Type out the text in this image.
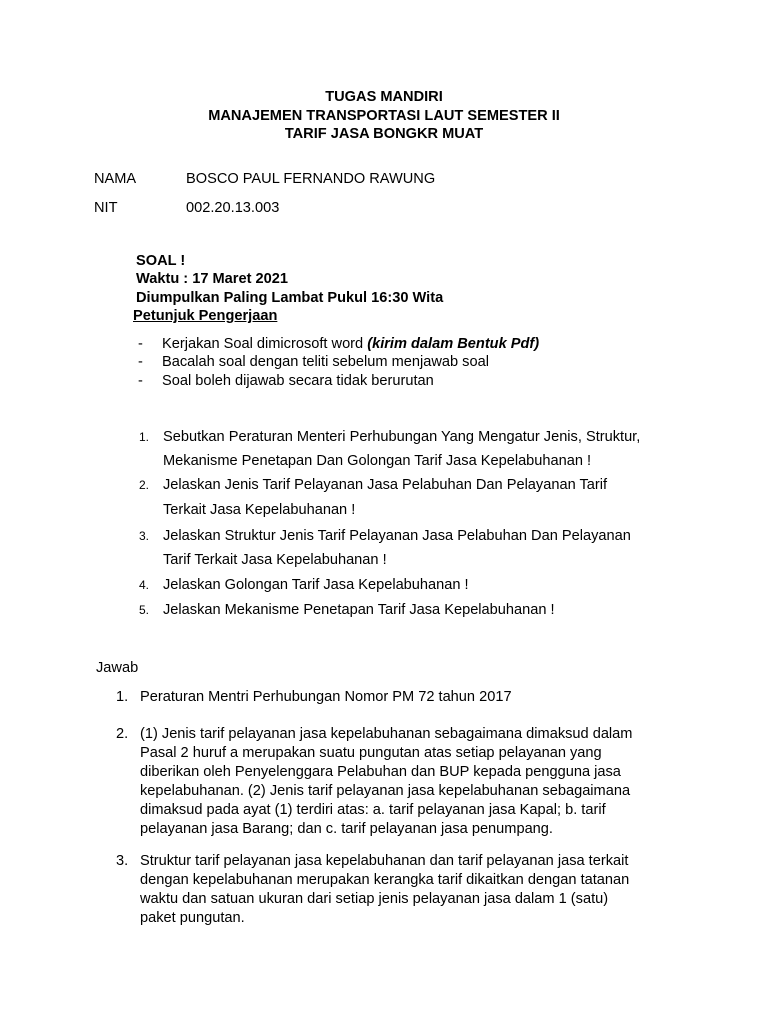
TUGAS MANDIRI
MANAJEMEN TRANSPORTASI LAUT SEMESTER II
TARIF JASA BONGKR MUAT
NAMA	BOSCO PAUL FERNANDO RAWUNG
NIT	002.20.13.003
SOAL !
Waktu : 17 Maret 2021
Diumpulkan Paling Lambat Pukul 16:30 Wita
Petunjuk Pengerjaan
- Kerjakan Soal dimicrosoft word (kirim dalam Bentuk Pdf)
- Bacalah soal dengan teliti sebelum menjawab soal
- Soal boleh dijawab secara tidak berurutan
1. Sebutkan Peraturan Menteri Perhubungan Yang Mengatur Jenis, Struktur,
Mekanisme Penetapan Dan Golongan Tarif Jasa Kepelabuhanan !
2. Jelaskan Jenis Tarif Pelayanan Jasa Pelabuhan Dan Pelayanan Tarif
Terkait Jasa Kepelabuhanan !
3. Jelaskan Struktur Jenis Tarif Pelayanan Jasa Pelabuhan Dan Pelayanan
Tarif Terkait Jasa Kepelabuhanan !
4. Jelaskan Golongan Tarif Jasa Kepelabuhanan !
5. Jelaskan Mekanisme Penetapan Tarif Jasa Kepelabuhanan !
Jawab
1. Peraturan Mentri Perhubungan Nomor PM 72 tahun 2017
2. (1) Jenis tarif pelayanan jasa kepelabuhanan sebagaimana dimaksud dalam
Pasal 2 huruf a merupakan suatu pungutan atas setiap pelayanan yang
diberikan oleh Penyelenggara Pelabuhan dan BUP kepada pengguna jasa
kepelabuhanan. (2) Jenis tarif pelayanan jasa kepelabuhanan sebagaimana
dimaksud pada ayat (1) terdiri atas: a. tarif pelayanan jasa Kapal; b. tarif
pelayanan jasa Barang; dan c. tarif pelayanan jasa penumpang.
3. Struktur tarif pelayanan jasa kepelabuhanan dan tarif pelayanan jasa terkait
dengan kepelabuhanan merupakan kerangka tarif dikaitkan dengan tatanan
waktu dan satuan ukuran dari setiap jenis pelayanan jasa dalam 1 (satu)
paket pungutan.
